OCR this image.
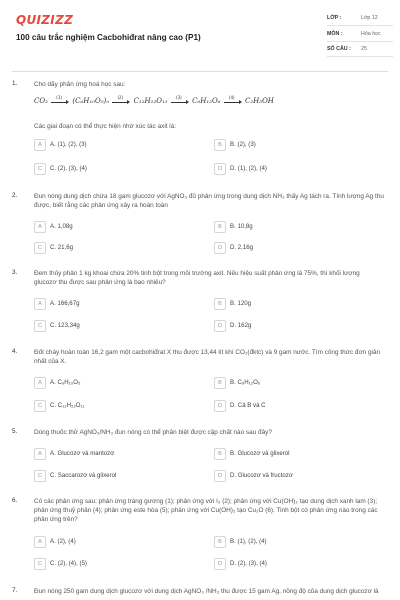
QUIZIZZ
100 câu trắc nghiệm Cacbohiđrat nâng cao (P1)
LỚP :	Lớp 12
MÔN :	Hóa học
SỐ CÂU : 25
1.	Cho dãy phản ứng hoá học sau:
CO₂	(1)	(C₆H₁₀O₅)ₙ	(2)	C₁₂H₂₂O₁₁	(3)	C₆H₁₂O₆	(4)	C₂H₅OH
Các giai đoạn có thể thực hiện nhờ xúc tác axit là:
A	A. (1), (2), (3)	B	B. (2), (3)
C	C. (2), (3), (4)	D	D. (1), (2), (4)
2.	Đun nóng dung dịch chứa 18 gam glucozơ với AgNO₃ đủ phản ứng trong dung dịch NH₃ thấy Ag tách ra. Tính lượng Ag thu được, biết rằng các phản ứng xảy ra hoàn toàn
A	A. 1,08g	B	B. 10,8g
C	C. 21,6g	D	D. 2,16g
3.	Đem thủy phân 1 kg khoai chứa 20% tinh bột trong môi trường axit. Nếu hiệu suất phản ứng là 75%, thì khối lượng glucozơ thu được sau phản ứng là bao nhiêu?
A	A. 166,67g	B	B. 120g
C	C. 123,34g	D	D. 162g
4.	Đốt cháy hoàn toàn 16,2 gam một cacbohiđrat X thu được 13,44 lít khí CO₂(đktc) và 9 gam nước. Tìm công thức đơn giản nhất của X.
A	A. C₆H₁₀O₅	B	B. C₆H₁₂O₆
C	C. C₁₂H₂₂O₁₁	D	D. Cả B và C
5.	Dùng thuốc thử AgNO₃/NH₃ đun nóng có thể phân biệt được cặp chất nào sau đây?
A	A. Glucozơ và mantozơ	B	B. Glucozơ và glixerol
C	C. Saccarozơ và glixerol	D	D. Glucozơ và fructozơ
6.	Có các phản ứng sau: phản ứng tráng gương (1); phản ứng với I₂ (2); phản ứng với Cu(OH)₂ tạo dung dịch xanh lam (3); phản ứng thuỷ phân (4); phản ứng este hóa (5); phản ứng với Cu(OH)₂ tạo Cu₂O (6). Tinh bột có phản ứng nào trong các phản ứng trên?
A	A. (2), (4)	B	B. (1), (2), (4)
C	C. (2), (4), (5)	D	D. (2), (3), (4)
7.	Đun nóng 250 gam dung dịch glucozơ với dung dịch AgNO₃ /NH₃ thu được 15 gam Ag, nồng độ của dung dịch glucozơ là
